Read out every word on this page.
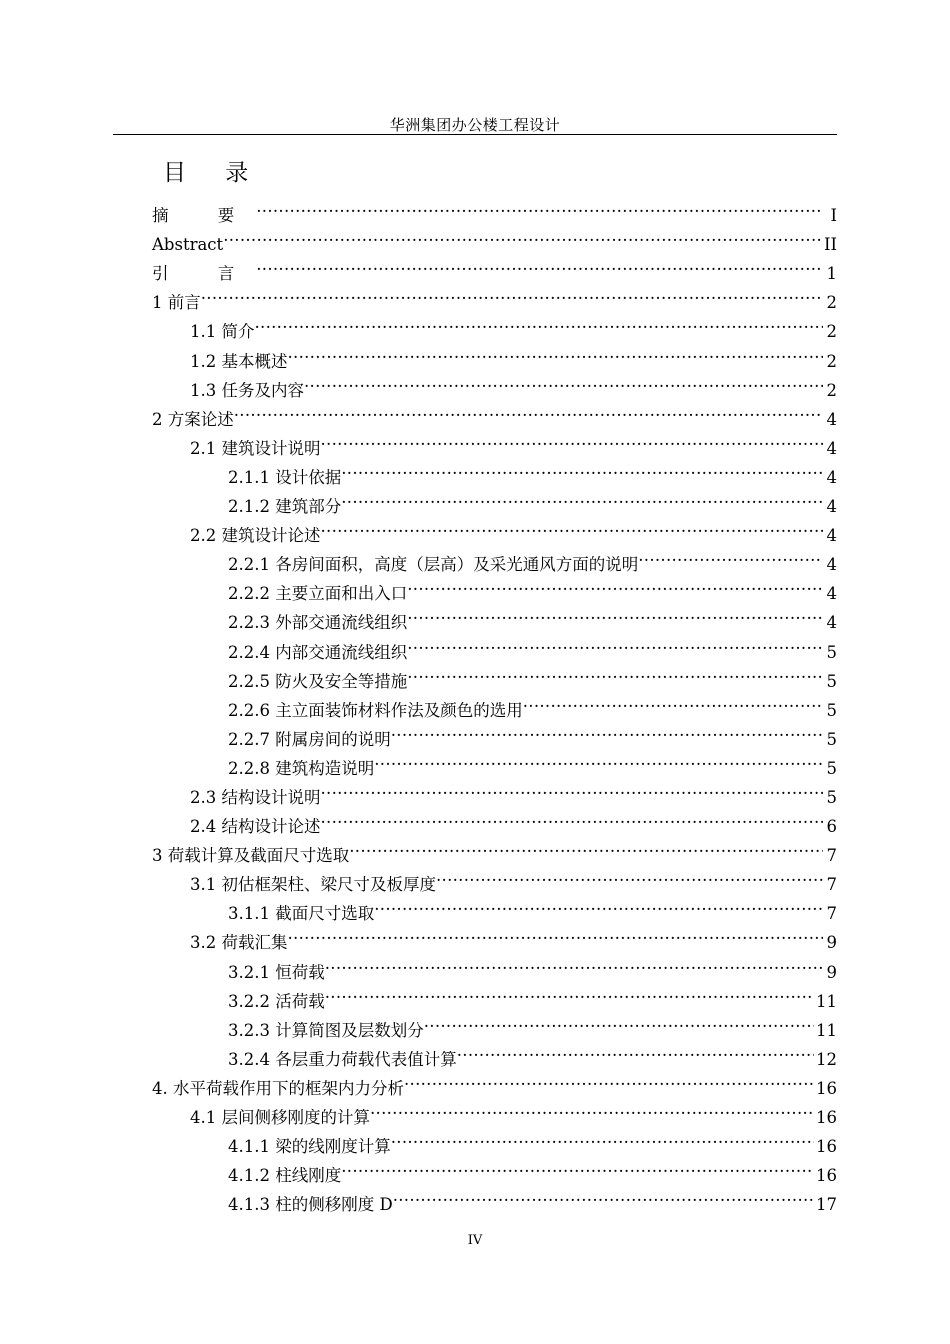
华洲集团办公楼工程设计
目 录
摘 要 .....	I
Abstract .....	II
引 言 .....	1
1 前言 .....	2
1.1 简介 .....	2
1.2 基本概述 .....	2
1.3 任务及内容 .....	2
2 方案论述 .....	4
2.1 建筑设计说明 .....	4
2.1.1 设计依据 .....	4
2.1.2 建筑部分 .....	4
2.2 建筑设计论述 .....	4
2.2.1 各房间面积，高度（层高）及采光通风方面的说明 .....	4
2.2.2 主要立面和出入口 .....	4
2.2.3 外部交通流线组织 .....	4
2.2.4 内部交通流线组织 .....	5
2.2.5 防火及安全等措施 .....	5
2.2.6 主立面装饰材料作法及颜色的选用 .....	5
2.2.7 附属房间的说明 .....	5
2.2.8 建筑构造说明 .....	5
2.3 结构设计说明 .....	5
2.4 结构设计论述 .....	6
3 荷载计算及截面尺寸选取 .....	7
3.1 初估框架柱、梁尺寸及板厚度 .....	7
3.1.1 截面尺寸选取 .....	7
3.2 荷载汇集 .....	9
3.2.1 恒荷载 .....	9
3.2.2 活荷载 .....	11
3.2.3 计算简图及层数划分 .....	11
3.2.4 各层重力荷载代表值计算 .....	12
4. 水平荷载作用下的框架内力分析 .....	16
4.1 层间侧移刚度的计算 .....	16
4.1.1 梁的线刚度计算 .....	16
4.1.2 柱线刚度 .....	16
4.1.3 柱的侧移刚度 D .....	17
IV
